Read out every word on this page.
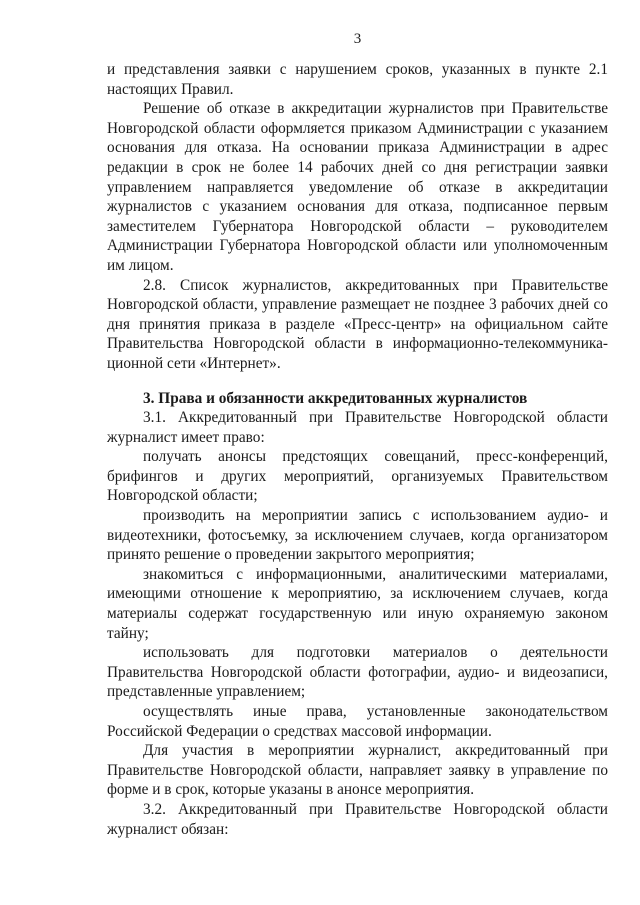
3

и представления заявки с нарушением сроков, указанных в пункте 2.1 настоящих Правил.

Решение об отказе в аккредитации журналистов при Правительстве Новгородской области оформляется приказом Администрации с указанием основания для отказа. На основании приказа Администрации в адрес редакции в срок не более 14 рабочих дней со дня регистрации заявки управлением направляется уведомление об отказе в аккредитации журналистов с указанием основания для отказа, подписанное первым заместителем Губернатора Новгородской области – руководителем Администрации Губернатора Новгородской области или уполномоченным им лицом.

2.8. Список журналистов, аккредитованных при Правительстве Новгородской области, управление размещает не позднее 3 рабочих дней со дня принятия приказа в разделе «Пресс-центр» на официальном сайте Правительства Новгородской области в информационно-телекоммуника-ционной сети «Интернет».

3. Права и обязанности аккредитованных журналистов

3.1. Аккредитованный при Правительстве Новгородской области журналист имеет право:

получать анонсы предстоящих совещаний, пресс-конференций, брифингов и других мероприятий, организуемых Правительством Новгородской области;

производить на мероприятии запись с использованием аудио- и видеотехники, фотосъемку, за исключением случаев, когда организатором принято решение о проведении закрытого мероприятия;

знакомиться с информационными, аналитическими материалами, имеющими отношение к мероприятию, за исключением случаев, когда материалы содержат государственную или иную охраняемую законом тайну;

использовать для подготовки материалов о деятельности Правительства Новгородской области фотографии, аудио- и видеозаписи, представленные управлением;

осуществлять иные права, установленные законодательством Российской Федерации о средствах массовой информации.

Для участия в мероприятии журналист, аккредитованный при Правительстве Новгородской области, направляет заявку в управление по форме и в срок, которые указаны в анонсе мероприятия.

3.2. Аккредитованный при Правительстве Новгородской области журналист обязан:
